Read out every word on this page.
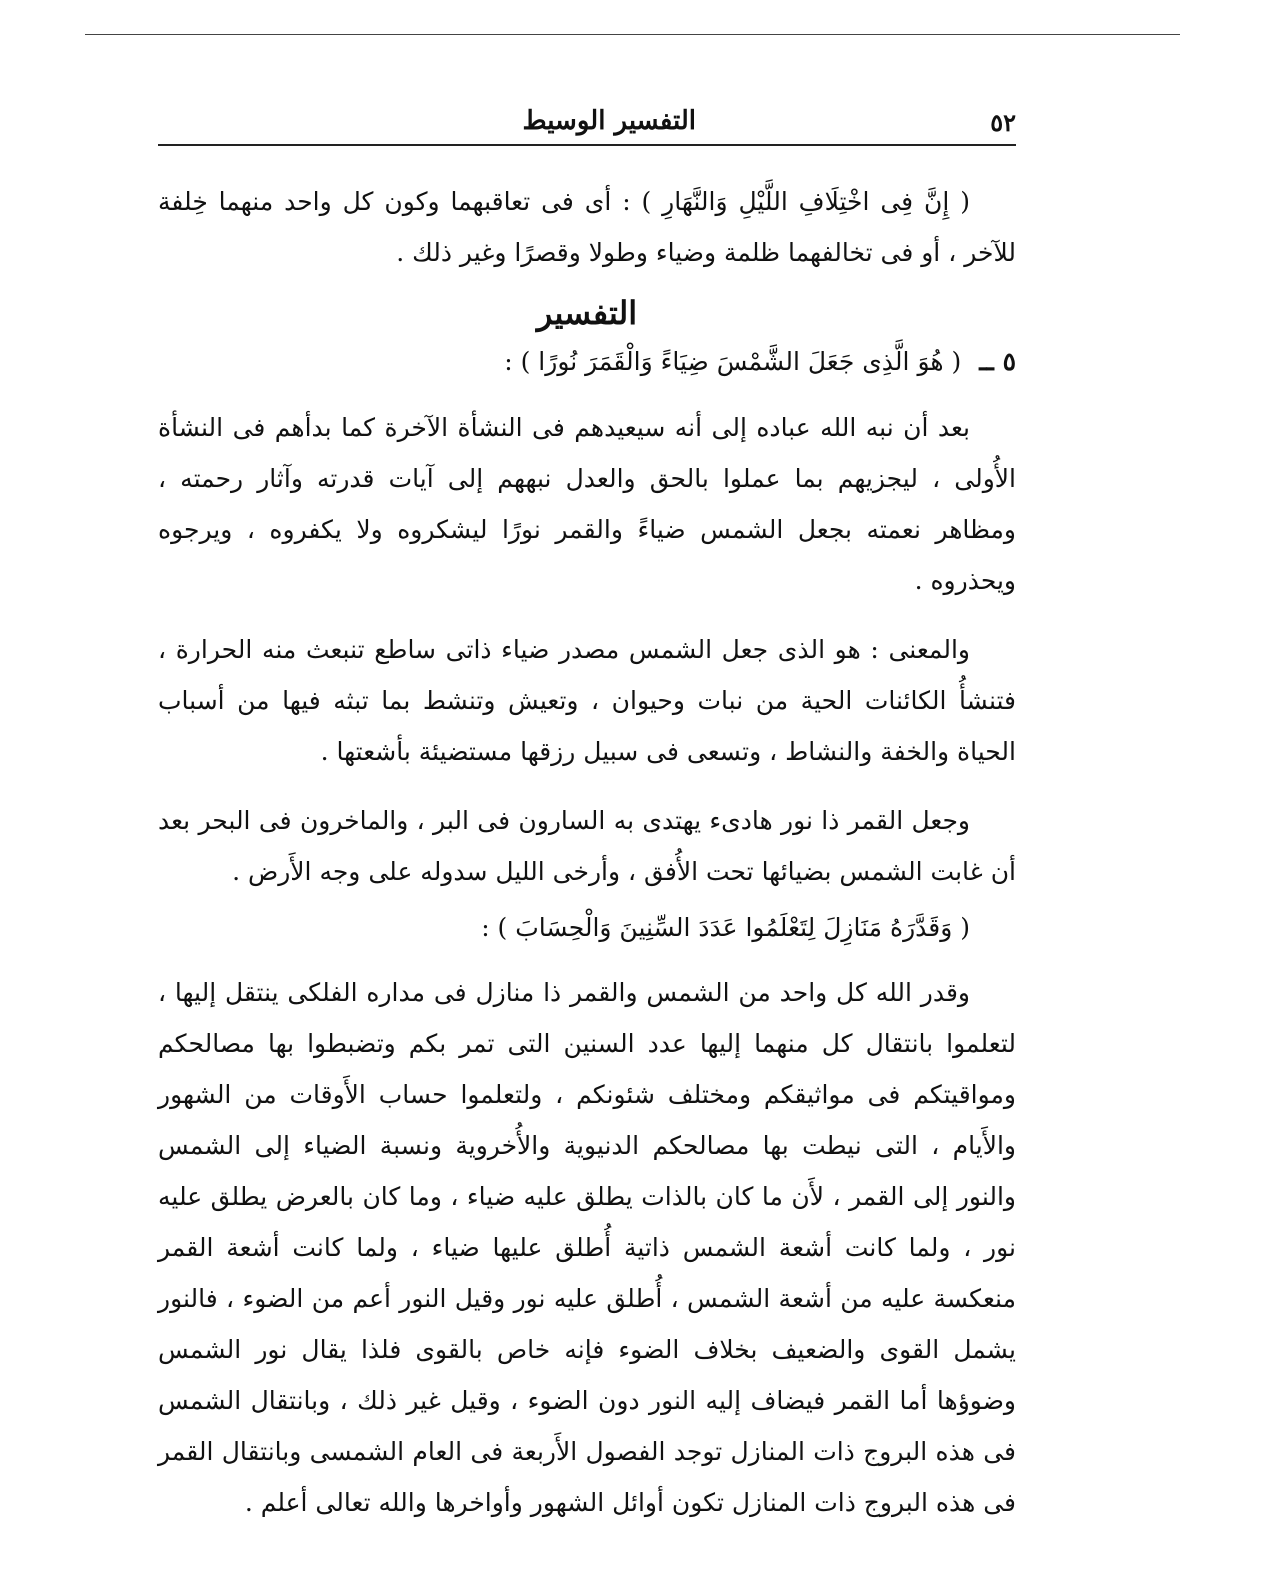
٥٢
التفسير الوسيط

( إِنَّ فِى اخْتِلَافِ اللَّيْلِ وَالنَّهَارِ ) : أى فى تعاقبهما وكون كل واحد منهما خِلفة للآخر ، أو فى تخالفهما ظلمة وضياء وطولا وقصرًا وغير ذلك .

التفسير

٥ ــ ( هُوَ الَّذِى جَعَلَ الشَّمْسَ ضِيَاءً وَالْقَمَرَ نُورًا ) :

بعد أن نبه الله عباده إلى أنه سيعيدهم فى النشأة الآخرة كما بدأهم فى النشأة الأُولى ، ليجزيهم بما عملوا بالحق والعدل نبههم إلى آيات قدرته وآثار رحمته ، ومظاهر نعمته بجعل الشمس ضياءً والقمر نورًا ليشكروه ولا يكفروه ، ويرجوه ويحذروه .

والمعنى : هو الذى جعل الشمس مصدر ضياء ذاتى ساطع تنبعث منه الحرارة ، فتنشأُ الكائنات الحية من نبات وحيوان ، وتعيش وتنشط بما تبثه فيها من أسباب الحياة والخفة والنشاط ، وتسعى فى سبيل رزقها مستضيئة بأشعتها .

وجعل القمر ذا نور هادىء يهتدى به السارون فى البر ، والماخرون فى البحر بعد أن غابت الشمس بضيائها تحت الأُفق ، وأرخى الليل سدوله على وجه الأَرض .

( وَقَدَّرَهُ مَنَازِلَ لِتَعْلَمُوا عَدَدَ السِّنِينَ وَالْحِسَابَ ) :

وقدر الله كل واحد من الشمس والقمر ذا منازل فى مداره الفلكى ينتقل إليها ، لتعلموا بانتقال كل منهما إليها عدد السنين التى تمر بكم وتضبطوا بها مصالحكم ومواقيتكم فى مواثيقكم ومختلف شئونكم ، ولتعلموا حساب الأَوقات من الشهور والأَيام ، التى نيطت بها مصالحكم الدنيوية والأُخروية ونسبة الضياء إلى الشمس والنور إلى القمر ، لأَن ما كان بالذات يطلق عليه ضياء ، وما كان بالعرض يطلق عليه نور ، ولما كانت أشعة الشمس ذاتية أُطلق عليها ضياء ، ولما كانت أشعة القمر منعكسة عليه من أشعة الشمس ، أُطلق عليه نور وقيل النور أعم من الضوء ، فالنور يشمل القوى والضعيف بخلاف الضوء فإنه خاص بالقوى فلذا يقال نور الشمس وضوؤها أما القمر فيضاف إليه النور دون الضوء ، وقيل غير ذلك ، وبانتقال الشمس فى هذه البروج ذات المنازل توجد الفصول الأَربعة فى العام الشمسى وبانتقال القمر فى هذه البروج ذات المنازل تكون أوائل الشهور وأواخرها والله تعالى أعلم .
